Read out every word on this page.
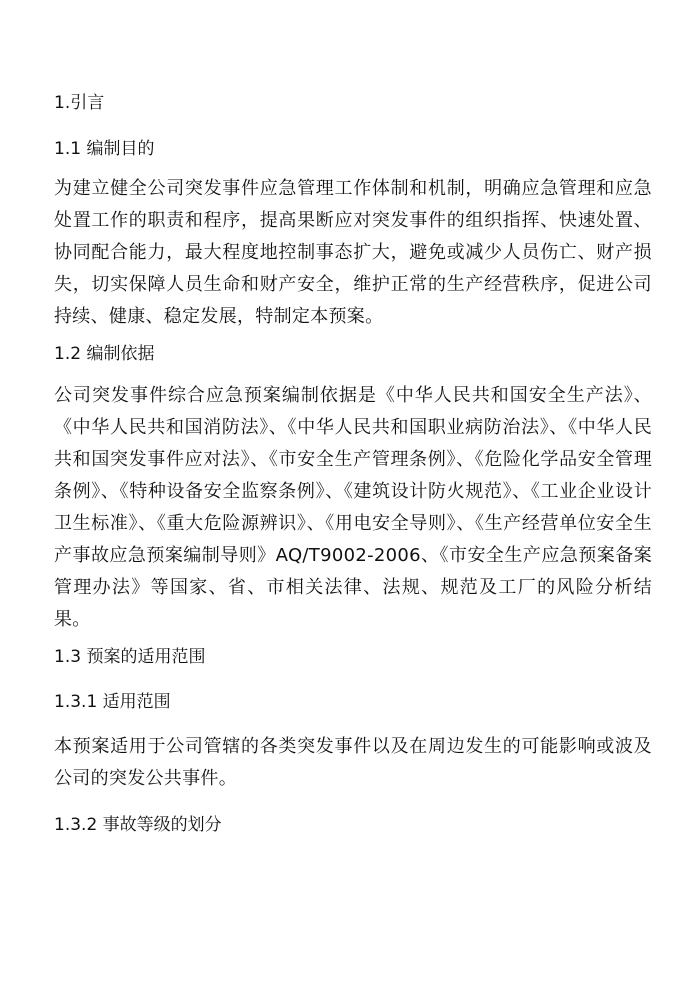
1.引言
1.1 编制目的
为建立健全公司突发事件应急管理工作体制和机制，明确应急管理和应急处置工作的职责和程序，提高果断应对突发事件的组织指挥、快速处置、协同配合能力，最大程度地控制事态扩大，避免或减少人员伤亡、财产损失，切实保障人员生命和财产安全，维护正常的生产经营秩序，促进公司持续、健康、稳定发展，特制定本预案。
1.2 编制依据
公司突发事件综合应急预案编制依据是《中华人民共和国安全生产法》、《中华人民共和国消防法》、《中华人民共和国职业病防治法》、《中华人民共和国突发事件应对法》、《市安全生产管理条例》、《危险化学品安全管理条例》、《特种设备安全监察条例》、《建筑设计防火规范》、《工业企业设计卫生标准》、《重大危险源辨识》、《用电安全导则》、《生产经营单位安全生产事故应急预案编制导则》AQ/T9002-2006、《市安全生产应急预案备案管理办法》等国家、省、市相关法律、法规、规范及工厂的风险分析结果。
1.3 预案的适用范围
1.3.1 适用范围
本预案适用于公司管辖的各类突发事件以及在周边发生的可能影响或波及公司的突发公共事件。
1.3.2 事故等级的划分
